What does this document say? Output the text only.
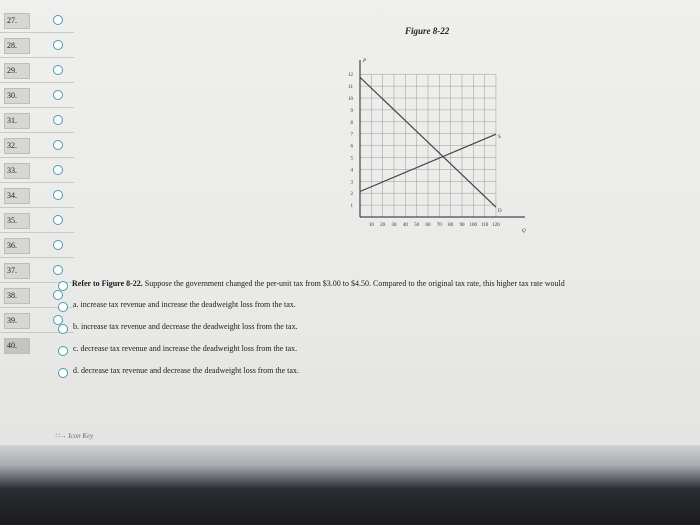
27.
28.
29.
30.
31.
32.
33.
34.
35.
36.
37.
38.
39.
40.
Figure 8-22
P
Q
1
2
3
4
5
6
7
8
9
10
11
12
10 20 30 40 50 60 70 80 90 100 110 120
D
S
Refer to Figure 8-22. Suppose the government changed the per-unit tax from $3.00 to $4.50. Compared to the original tax rate, this higher tax rate would
a. increase tax revenue and increase the deadweight loss from the tax.
b. increase tax revenue and decrease the deadweight loss from the tax.
c. decrease tax revenue and increase the deadweight loss from the tax.
d. decrease tax revenue and decrease the deadweight loss from the tax.
∷→ Icon Key
